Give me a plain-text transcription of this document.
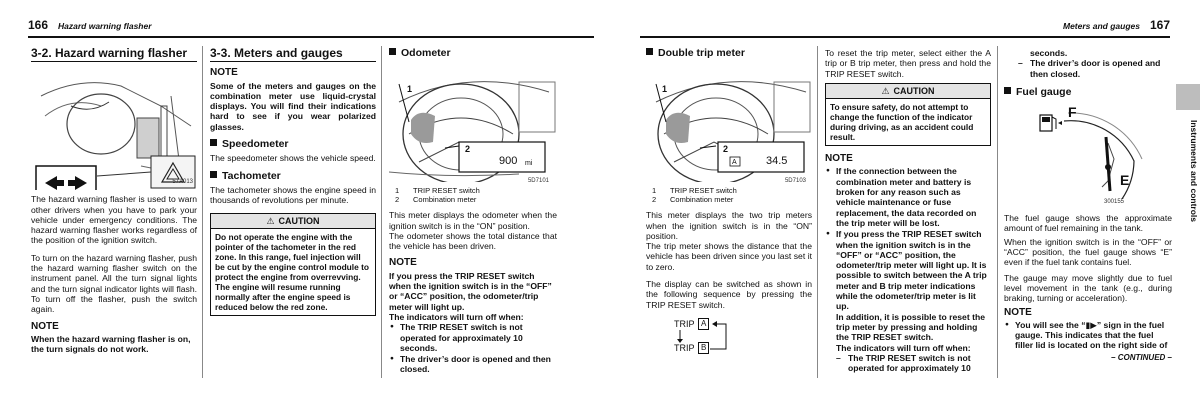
166 Hazard warning flasher	Meters and gauges 167
Instruments and controls
3-2. Hazard warning flasher
57A013

The hazard warning flasher is used to warn other drivers when you have to park your vehicle under emergency conditions. The hazard warning flasher works regardless of the position of the ignition switch.

To turn on the hazard warning flasher, push the hazard warning flasher switch on the instrument panel. All the turn signal lights and the turn signal indicator lights will flash. To turn off the flasher, push the switch again.

NOTE
When the hazard warning flasher is on, the turn signals do not work.
3-3. Meters and gauges
NOTE

Some of the meters and gauges on the combination meter use liquid-crystal displays. You will find their indications hard to see if you wear polarized glasses.

Speedometer

The speedometer shows the vehicle speed.

Tachometer

The tachometer shows the engine speed in thousands of revolutions per minute.

⚠ CAUTION
Do not operate the engine with the pointer of the tachometer in the red zone. In this range, fuel injection will be cut by the engine control module to protect the engine from overrevving. The engine will resume running normally after the engine speed is reduced below the red zone.
Odometer
1
2
900 mi
5D7101
1 TRIP RESET switch
2 Combination meter

This meter displays the odometer when the ignition switch is in the “ON” position.

The odometer shows the total distance that the vehicle has been driven.

NOTE
If you press the TRIP RESET switch when the ignition switch is in the “OFF” or “ACC” position, the odometer/trip meter will light up.
The indicators will turn off when:
● The TRIP RESET switch is not operated for approximately 10 seconds.
● The driver’s door is opened and then closed.
Double trip meter
1
2
A	34.5
5D7103
1 TRIP RESET switch
2 Combination meter

This meter displays the two trip meters when the ignition switch is in the “ON” position.

The trip meter shows the distance that the vehicle has been driven since you last set it to zero.

The display can be switched as shown in the following sequence by pressing the TRIP RESET switch.

TRIP A
TRIP B

To reset the trip meter, select either the A trip or B trip meter, then press and hold the TRIP RESET switch.

⚠ CAUTION
To ensure safety, do not attempt to change the function of the indicator during driving, as an accident could result.
NOTE
● If the connection between the combination meter and battery is broken for any reason such as vehicle maintenance or fuse replacement, the data recorded on the trip meter will be lost.
● If you press the TRIP RESET switch when the ignition switch is in the “OFF” or “ACC” position, the odometer/trip meter will light up. It is possible to switch between the A trip meter and B trip meter indications while the odometer/trip meter is lit up.
In addition, it is possible to reset the trip meter by pressing and holding the TRIP RESET switch.
The indicators will turn off when:
– The TRIP RESET switch is not operated for approximately 10
seconds.
– The driver’s door is opened and then closed.
Fuel gauge
F
E
300155

The fuel gauge shows the approximate amount of fuel remaining in the tank.

When the ignition switch is in the “OFF” or “ACC” position, the fuel gauge shows “E” even if the fuel tank contains fuel.

The gauge may move slightly due to fuel level movement in the tank (e.g., during braking, turning or acceleration).

NOTE
● You will see the “▮▶” sign in the fuel gauge. This indicates that the fuel filler lid is located on the right side of
– CONTINUED –
